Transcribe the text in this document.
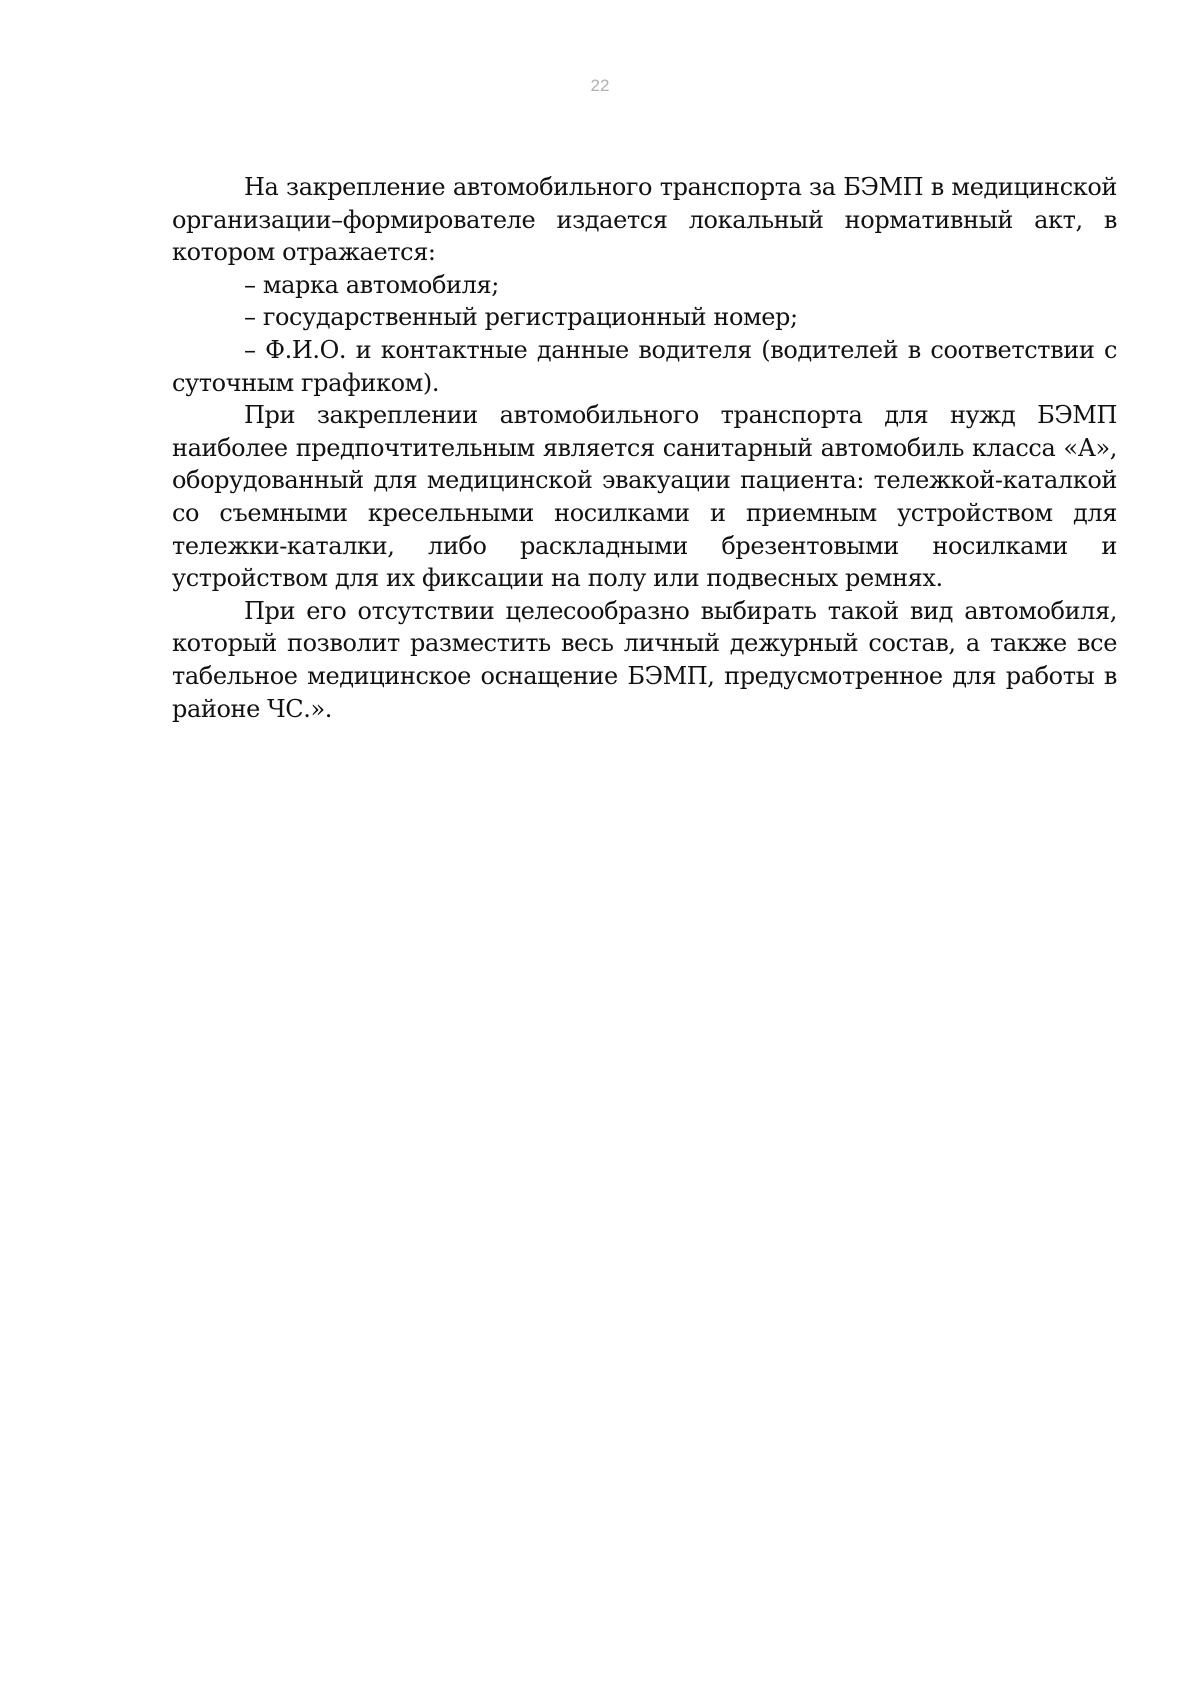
22

На закрепление автомобильного транспорта за БЭМП в медицинской организации–формирователе издается локальный нормативный акт, в котором отражается:

– марка автомобиля;

– государственный регистрационный номер;

– Ф.И.О. и контактные данные водителя (водителей в соответствии с суточным графиком).

При закреплении автомобильного транспорта для нужд БЭМП наиболее предпочтительным является санитарный автомобиль класса «А», оборудованный для медицинской эвакуации пациента: тележкой-каталкой со съемными кресельными носилками и приемным устройством для тележки-каталки, либо раскладными брезентовыми носилками и устройством для их фиксации на полу или подвесных ремнях.

При его отсутствии целесообразно выбирать такой вид автомобиля, который позволит разместить весь личный дежурный состав, а также все табельное медицинское оснащение БЭМП, предусмотренное для работы в районе ЧС.».
